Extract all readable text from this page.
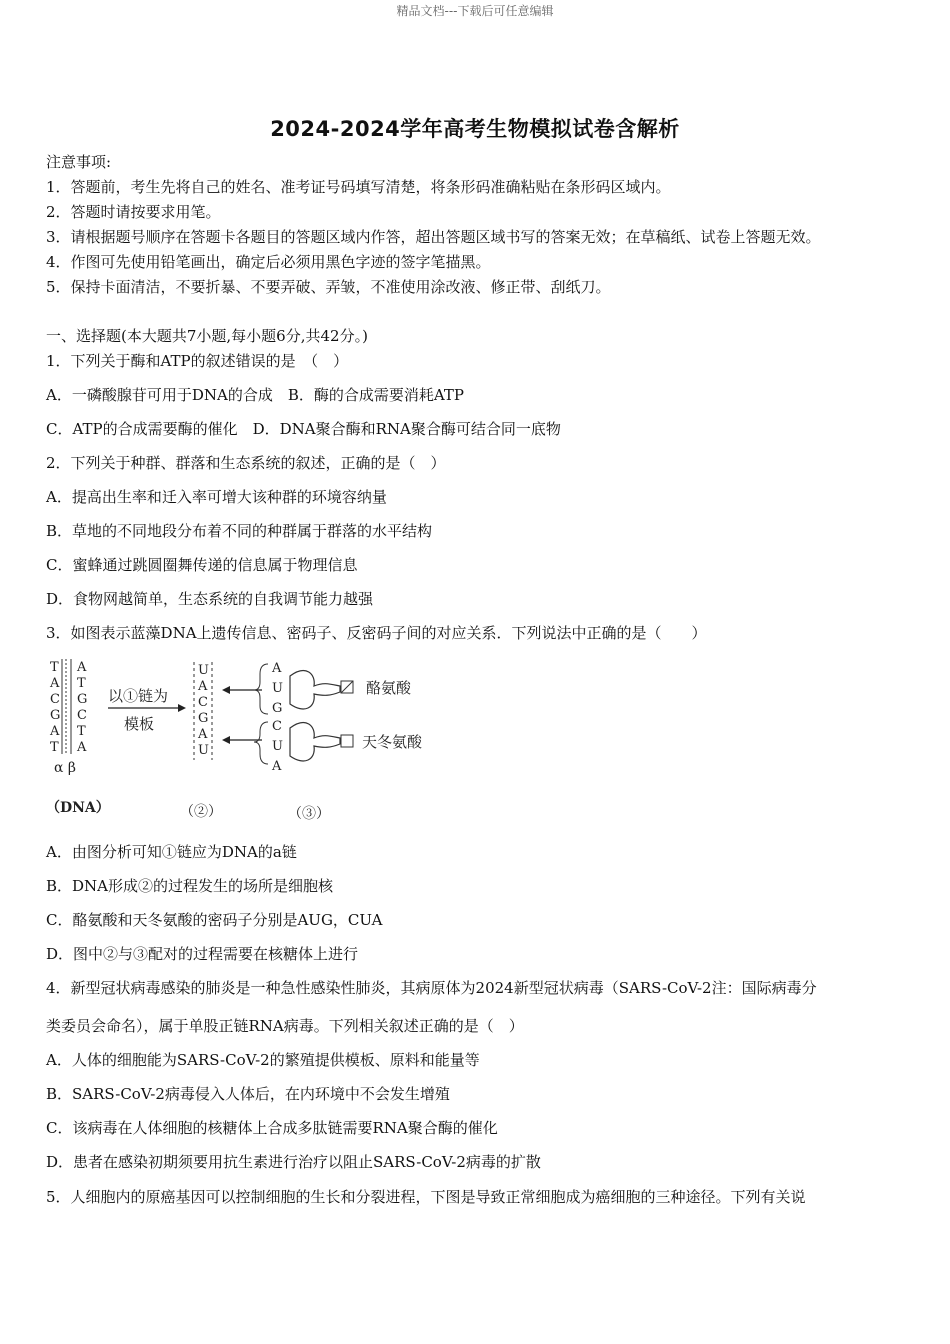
精品文档---下载后可任意编辑
2024-2024学年高考生物模拟试卷含解析
注意事项:
1．答题前，考生先将自己的姓名、准考证号码填写清楚，将条形码准确粘贴在条形码区域内。
2．答题时请按要求用笔。
3．请根据题号顺序在答题卡各题目的答题区域内作答，超出答题区域书写的答案无效；在草稿纸、试卷上答题无效。
4．作图可先使用铅笔画出，确定后必须用黑色字迹的签字笔描黑。
5．保持卡面清洁，不要折暴、不要弄破、弄皱，不准使用涂改液、修正带、刮纸刀。
一、选择题(本大题共7小题,每小题6分,共42分。)
1．下列关于酶和ATP的叙述错误的是　（　）
A．一磷酸腺苷可用于DNA的合成　B．酶的合成需要消耗ATP
C．ATP的合成需要酶的催化　D．DNA聚合酶和RNA聚合酶可结合同一底物
2．下列关于种群、群落和生态系统的叙述，正确的是（　）
A．提高出生率和迁入率可增大该种群的环境容纳量
B．草地的不同地段分布着不同的种群属于群落的水平结构
C．蜜蜂通过跳圆圈舞传递的信息属于物理信息
D．食物网越简单，生态系统的自我调节能力越强
3．如图表示蓝藻DNA上遗传信息、密码子、反密码子间的对应关系．下列说法中正确的是（　　）
T
A
C
G
A
T
A
T
G
C
T
A
α β
以①链为
模板
U
A
C
G
A
U
A
U
G
酪氨酸
C
U
A
天冬氨酸
（DNA）	（②）	（③）
A．由图分析可知①链应为DNA的a链
B．DNA形成②的过程发生的场所是细胞核
C．酪氨酸和天冬氨酸的密码子分别是AUG，CUA
D．图中②与③配对的过程需要在核糖体上进行
4．新型冠状病毒感染的肺炎是一种急性感染性肺炎，其病原体为2024新型冠状病毒（SARS-CoV-2注：国际病毒分
类委员会命名），属于单股正链RNA病毒。下列相关叙述正确的是（　）
A．人体的细胞能为SARS-CoV-2的繁殖提供模板、原料和能量等
B．SARS-CoV-2病毒侵入人体后，在内环境中不会发生增殖
C．该病毒在人体细胞的核糖体上合成多肽链需要RNA聚合酶的催化
D．患者在感染初期须要用抗生素进行治疗以阻止SARS-CoV-2病毒的扩散
5．人细胞内的原癌基因可以控制细胞的生长和分裂进程，下图是导致正常细胞成为癌细胞的三种途径。下列有关说
